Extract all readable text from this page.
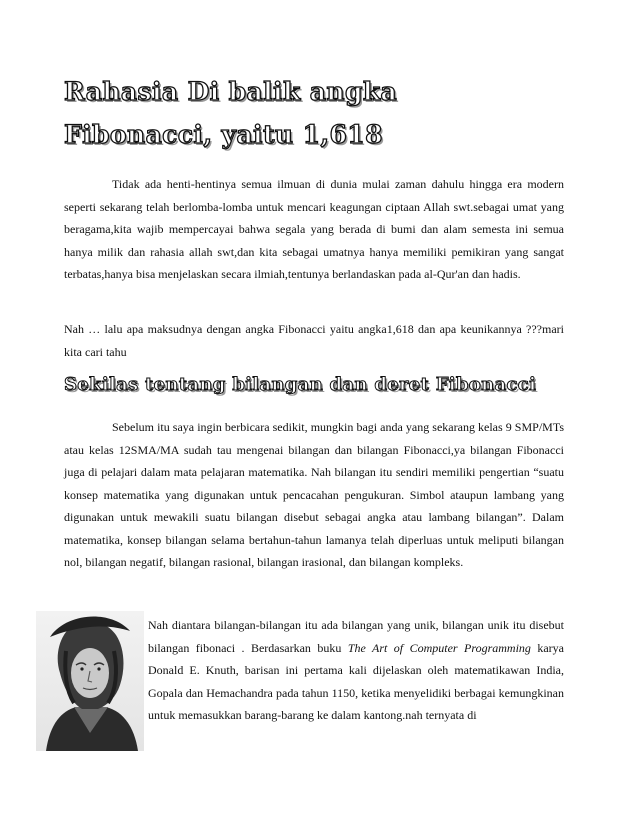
Rahasia Di balik angka
Fibonacci, yaitu 1,618

Tidak ada henti-hentinya semua ilmuan di dunia mulai zaman dahulu hingga era modern seperti sekarang telah berlomba-lomba untuk mencari keagungan ciptaan Allah swt.sebagai umat yang beragama,kita wajib mempercayai bahwa segala yang berada di bumi dan alam semesta ini semua hanya milik dan rahasia allah swt,dan kita sebagai umatnya hanya memiliki pemikiran yang sangat terbatas,hanya bisa menjelaskan secara ilmiah,tentunya berlandaskan pada al-Qur'an dan hadis.

Nah … lalu apa maksudnya dengan angka Fibonacci yaitu angka1,618 dan apa keunikannya ???mari kita cari tahu

Sekilas tentang bilangan dan deret Fibonacci

Sebelum itu saya ingin berbicara sedikit, mungkin bagi anda yang sekarang kelas 9 SMP/MTs atau kelas 12SMA/MA sudah tau mengenai bilangan dan bilangan Fibonacci,ya bilangan Fibonacci juga di pelajari dalam mata pelajaran matematika. Nah bilangan itu sendiri memiliki pengertian “suatu konsep matematika yang digunakan untuk pencacahan pengukuran. Simbol ataupun lambang yang digunakan untuk mewakili suatu bilangan disebut sebagai angka atau lambang bilangan”. Dalam matematika, konsep bilangan selama bertahun-tahun lamanya telah diperluas untuk meliputi bilangan nol, bilangan negatif, bilangan rasional, bilangan irasional, dan bilangan kompleks.

Nah diantara bilangan-bilangan itu ada bilangan yang unik, bilangan unik itu disebut bilangan fibonaci . Berdasarkan buku The Art of Computer Programming karya Donald E. Knuth, barisan ini pertama kali dijelaskan oleh matematikawan India, Gopala dan Hemachandra pada tahun 1150, ketika menyelidiki berbagai kemungkinan untuk memasukkan barang-barang ke dalam kantong.nah ternyata di
